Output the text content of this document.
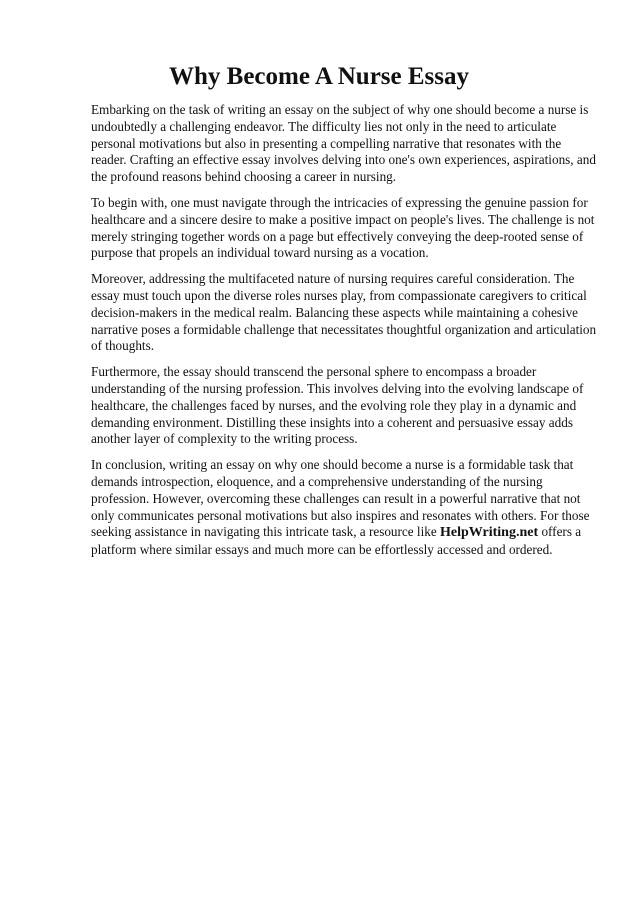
Why Become A Nurse Essay

Embarking on the task of writing an essay on the subject of why one should become a nurse is undoubtedly a challenging endeavor. The difficulty lies not only in the need to articulate personal motivations but also in presenting a compelling narrative that resonates with the reader. Crafting an effective essay involves delving into one's own experiences, aspirations, and the profound reasons behind choosing a career in nursing.

To begin with, one must navigate through the intricacies of expressing the genuine passion for healthcare and a sincere desire to make a positive impact on people's lives. The challenge is not merely stringing together words on a page but effectively conveying the deep-rooted sense of purpose that propels an individual toward nursing as a vocation.

Moreover, addressing the multifaceted nature of nursing requires careful consideration. The essay must touch upon the diverse roles nurses play, from compassionate caregivers to critical decision-makers in the medical realm. Balancing these aspects while maintaining a cohesive narrative poses a formidable challenge that necessitates thoughtful organization and articulation of thoughts.

Furthermore, the essay should transcend the personal sphere to encompass a broader understanding of the nursing profession. This involves delving into the evolving landscape of healthcare, the challenges faced by nurses, and the evolving role they play in a dynamic and demanding environment. Distilling these insights into a coherent and persuasive essay adds another layer of complexity to the writing process.

In conclusion, writing an essay on why one should become a nurse is a formidable task that demands introspection, eloquence, and a comprehensive understanding of the nursing profession. However, overcoming these challenges can result in a powerful narrative that not only communicates personal motivations but also inspires and resonates with others. For those seeking assistance in navigating this intricate task, a resource like HelpWriting.net offers a platform where similar essays and much more can be effortlessly accessed and ordered.
